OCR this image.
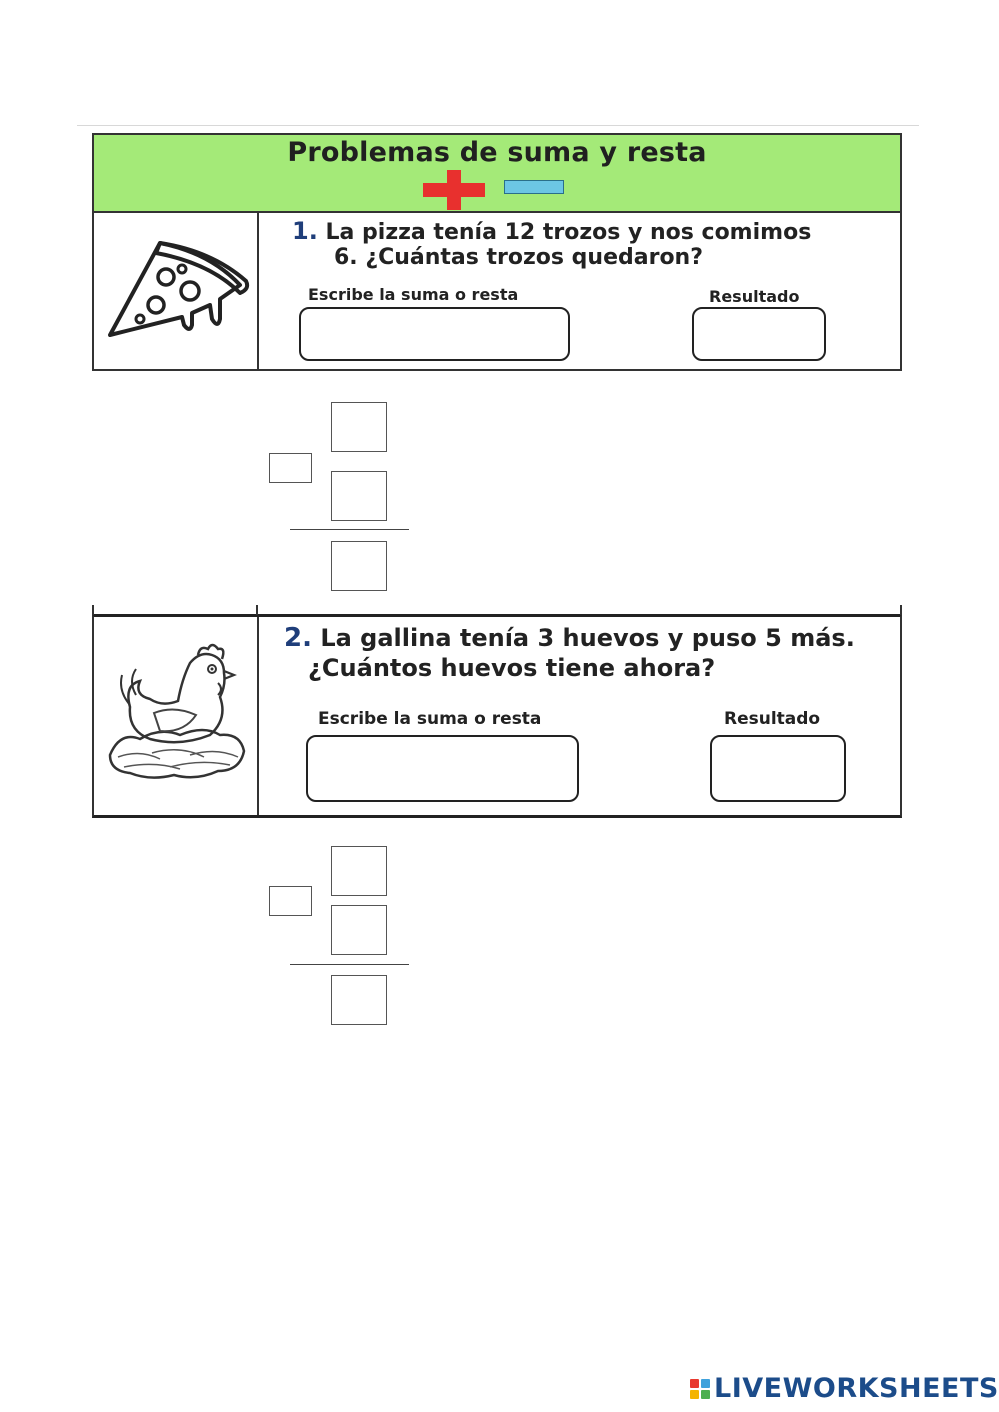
Problemas de suma y resta
1. La pizza tenía 12 trozos y nos comimos
6. ¿Cuántas trozos quedaron?
Escribe la suma o resta	Resultado
2. La gallina tenía 3 huevos y puso 5 más.
¿Cuántos huevos tiene ahora?
Escribe la suma o resta	Resultado
LIVEWORKSHEETS
